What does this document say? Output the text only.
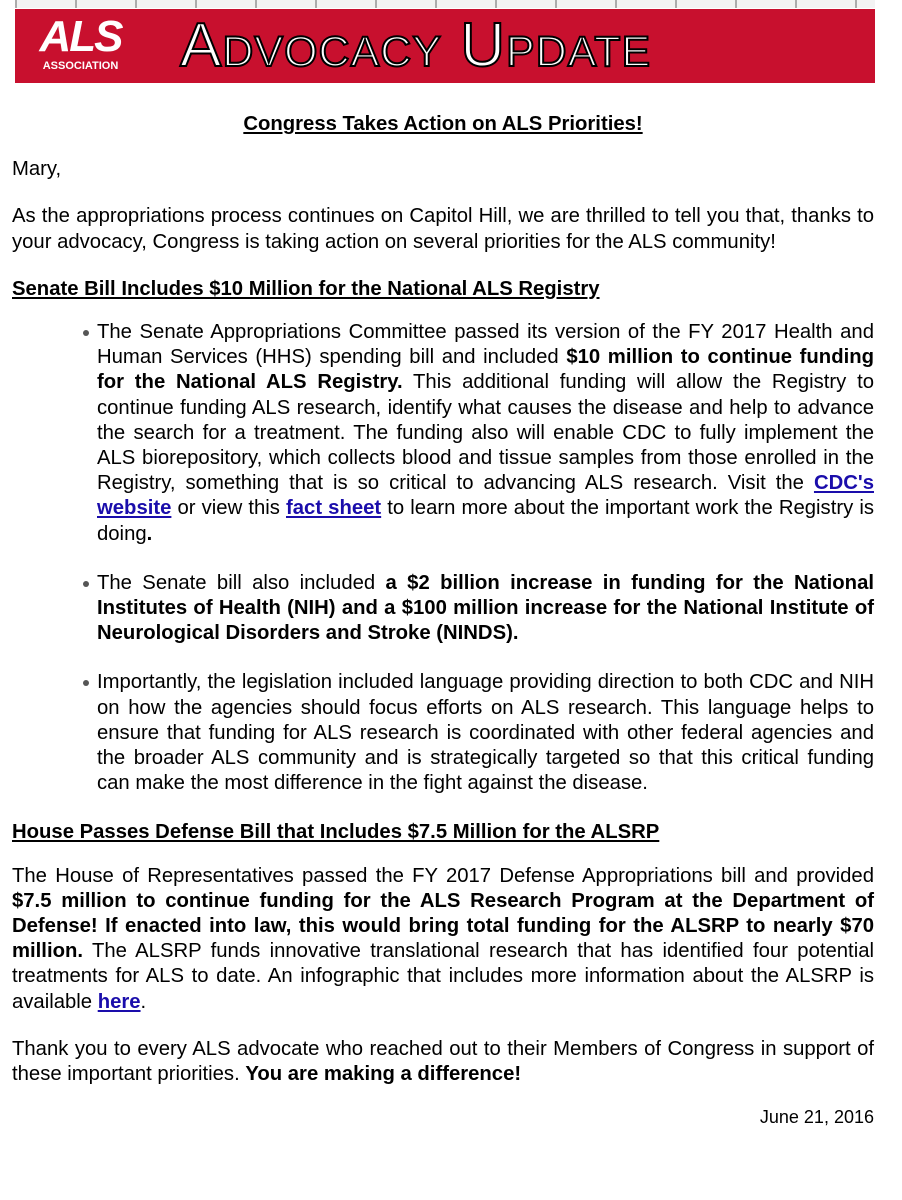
ALS
ASSOCIATION Advocacy Update
Congress Takes Action on ALS Priorities!

Mary,

As the appropriations process continues on Capitol Hill, we are thrilled to tell you that, thanks to your advocacy, Congress is taking action on several priorities for the ALS community!

Senate Bill Includes $10 Million for the National ALS Registry
The Senate Appropriations Committee passed its version of the FY 2017 Health and Human Services (HHS) spending bill and included $10 million to continue funding for the National ALS Registry. This additional funding will allow the Registry to continue funding ALS research, identify what causes the disease and help to advance the search for a treatment. The funding also will enable CDC to fully implement the ALS biorepository, which collects blood and tissue samples from those enrolled in the Registry, something that is so critical to advancing ALS research. Visit the CDC's website or view this fact sheet to learn more about the important work the Registry is doing.
The Senate bill also included a $2 billion increase in funding for the National Institutes of Health (NIH) and a $100 million increase for the National Institute of Neurological Disorders and Stroke (NINDS).
Importantly, the legislation included language providing direction to both CDC and NIH on how the agencies should focus efforts on ALS research. This language helps to ensure that funding for ALS research is coordinated with other federal agencies and the broader ALS community and is strategically targeted so that this critical funding can make the most difference in the fight against the disease.
House Passes Defense Bill that Includes $7.5 Million for the ALSRP

The House of Representatives passed the FY 2017 Defense Appropriations bill and provided $7.5 million to continue funding for the ALS Research Program at the Department of Defense! If enacted into law, this would bring total funding for the ALSRP to nearly $70 million. The ALSRP funds innovative translational research that has identified four potential treatments for ALS to date. An infographic that includes more information about the ALSRP is available here.

Thank you to every ALS advocate who reached out to their Members of Congress in support of these important priorities. You are making a difference!

June 21, 2016
